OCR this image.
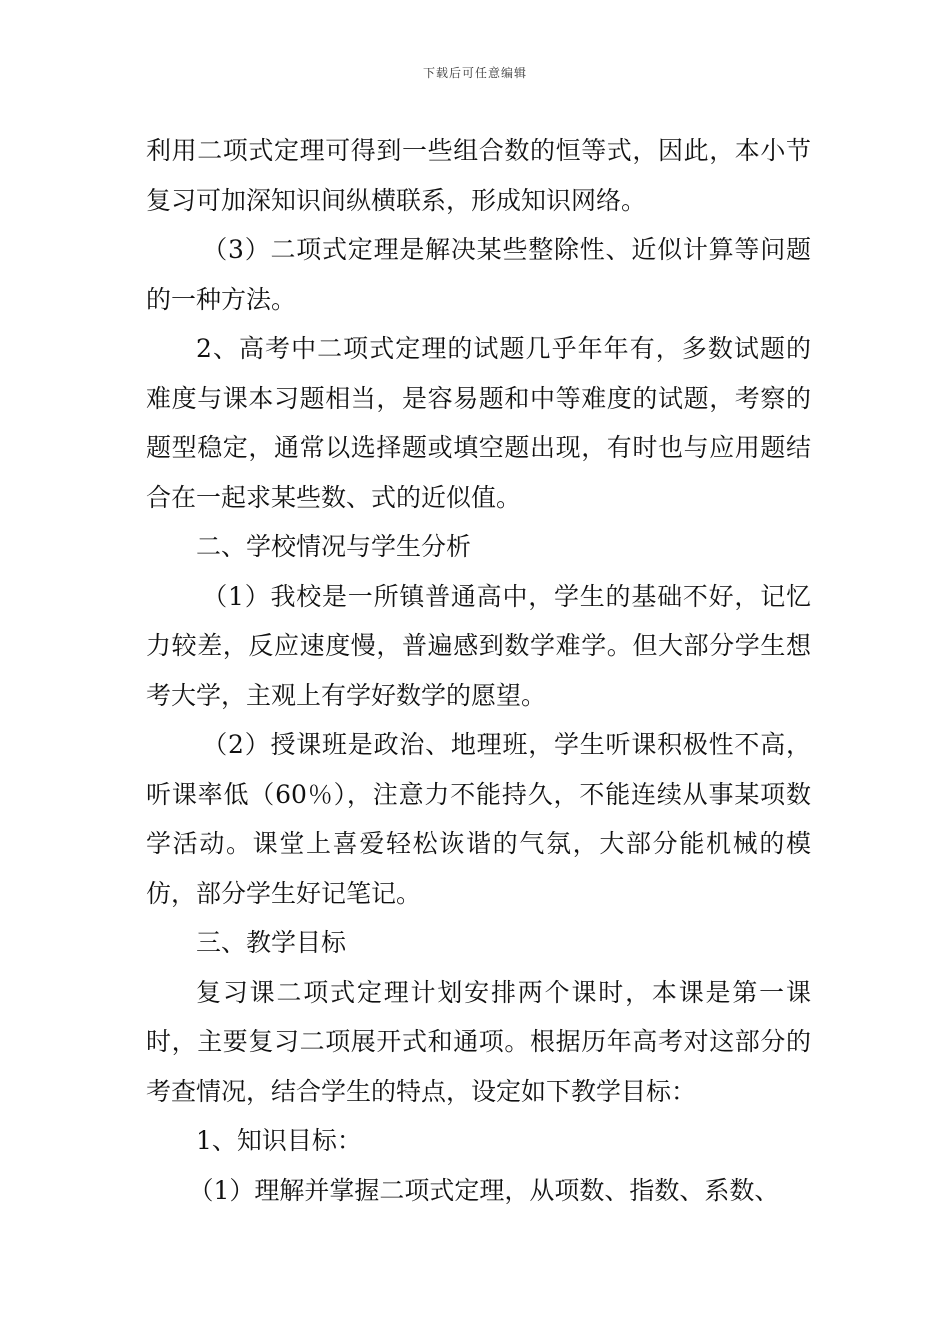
下载后可任意编辑

利用二项式定理可得到一些组合数的恒等式，因此，本小节复习可加深知识间纵横联系，形成知识网络。

（3）二项式定理是解决某些整除性、近似计算等问题的一种方法。

2、高考中二项式定理的试题几乎年年有，多数试题的难度与课本习题相当，是容易题和中等难度的试题，考察的题型稳定，通常以选择题或填空题出现，有时也与应用题结合在一起求某些数、式的近似值。

二、学校情况与学生分析

（1）我校是一所镇普通高中，学生的基础不好，记忆力较差，反应速度慢，普遍感到数学难学。但大部分学生想考大学，主观上有学好数学的愿望。

（2）授课班是政治、地理班，学生听课积极性不高，听课率低（60％），注意力不能持久，不能连续从事某项数学活动。课堂上喜爱轻松诙谐的气氛，大部分能机械的模仿，部分学生好记笔记。

三、教学目标

复习课二项式定理计划安排两个课时，本课是第一课时，主要复习二项展开式和通项。根据历年高考对这部分的考查情况，结合学生的特点，设定如下教学目标：

1、知识目标：

（1）理解并掌握二项式定理，从项数、指数、系数、
